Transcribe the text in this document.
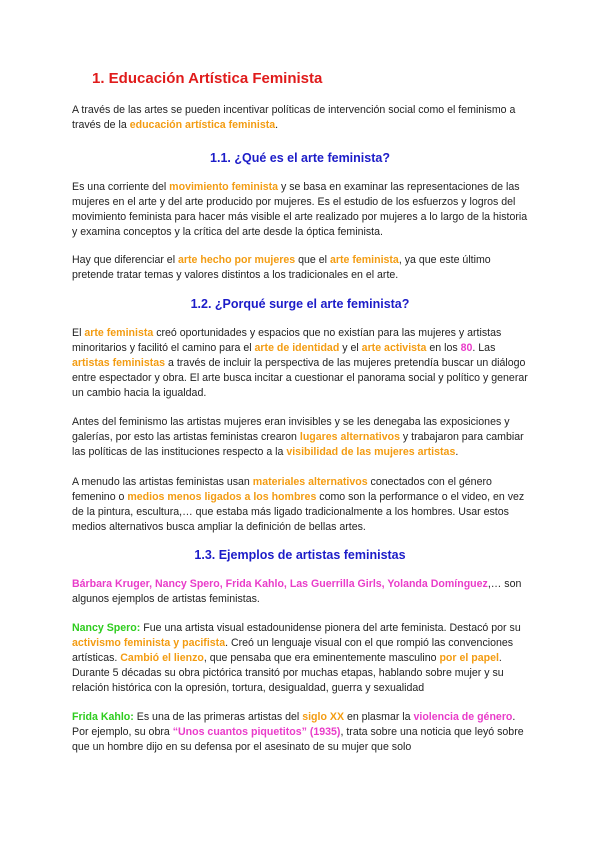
1. Educación Artística Feminista

A través de las artes se pueden incentivar políticas de intervención social como el feminismo a través de la educación artística feminista.

1.1. ¿Qué es el arte feminista?

Es una corriente del movimiento feminista y se basa en examinar las representaciones de las mujeres en el arte y del arte producido por mujeres. Es el estudio de los esfuerzos y logros del movimiento feminista para hacer más visible el arte realizado por mujeres a lo largo de la historia y examina conceptos y la crítica del arte desde la óptica feminista.

Hay que diferenciar el arte hecho por mujeres que el arte feminista, ya que este último pretende tratar temas y valores distintos a los tradicionales en el arte.

1.2. ¿Porqué surge el arte feminista?

El arte feminista creó oportunidades y espacios que no existían para las mujeres y artistas minoritarios y facilitó el camino para el arte de identidad y el arte activista en los 80. Las artistas feministas a través de incluir la perspectiva de las mujeres pretendía buscar un diálogo entre espectador y obra. El arte busca incitar a cuestionar el panorama social y político y generar un cambio hacia la igualdad.

Antes del feminismo las artistas mujeres eran invisibles y se les denegaba las exposiciones y galerías, por esto las artistas feministas crearon lugares alternativos y trabajaron para cambiar las políticas de las instituciones respecto a la visibilidad de las mujeres artistas.

A menudo las artistas feministas usan materiales alternativos conectados con el género femenino o medios menos ligados a los hombres como son la performance o el video, en vez de la pintura, escultura,… que estaba más ligado tradicionalmente a los hombres. Usar estos medios alternativos busca ampliar la definición de bellas artes.

1.3. Ejemplos de artistas feministas

Bárbara Kruger, Nancy Spero, Frida Kahlo, Las Guerrilla Girls, Yolanda Domínguez,… son algunos ejemplos de artistas feministas.

Nancy Spero: Fue una artista visual estadounidense pionera del arte feminista. Destacó por su activismo feminista y pacifista. Creó un lenguaje visual con el que rompió las convenciones artísticas. Cambió el lienzo, que pensaba que era eminentemente masculino por el papel. Durante 5 décadas su obra pictórica transitó por muchas etapas, hablando sobre mujer y su relación histórica con la opresión, tortura, desigualdad, guerra y sexualidad

Frida Kahlo: Es una de las primeras artistas del siglo XX en plasmar la violencia de género. Por ejemplo, su obra “Unos cuantos piquetitos” (1935), trata sobre una noticia que leyó sobre que un hombre dijo en su defensa por el asesinato de su mujer que solo
